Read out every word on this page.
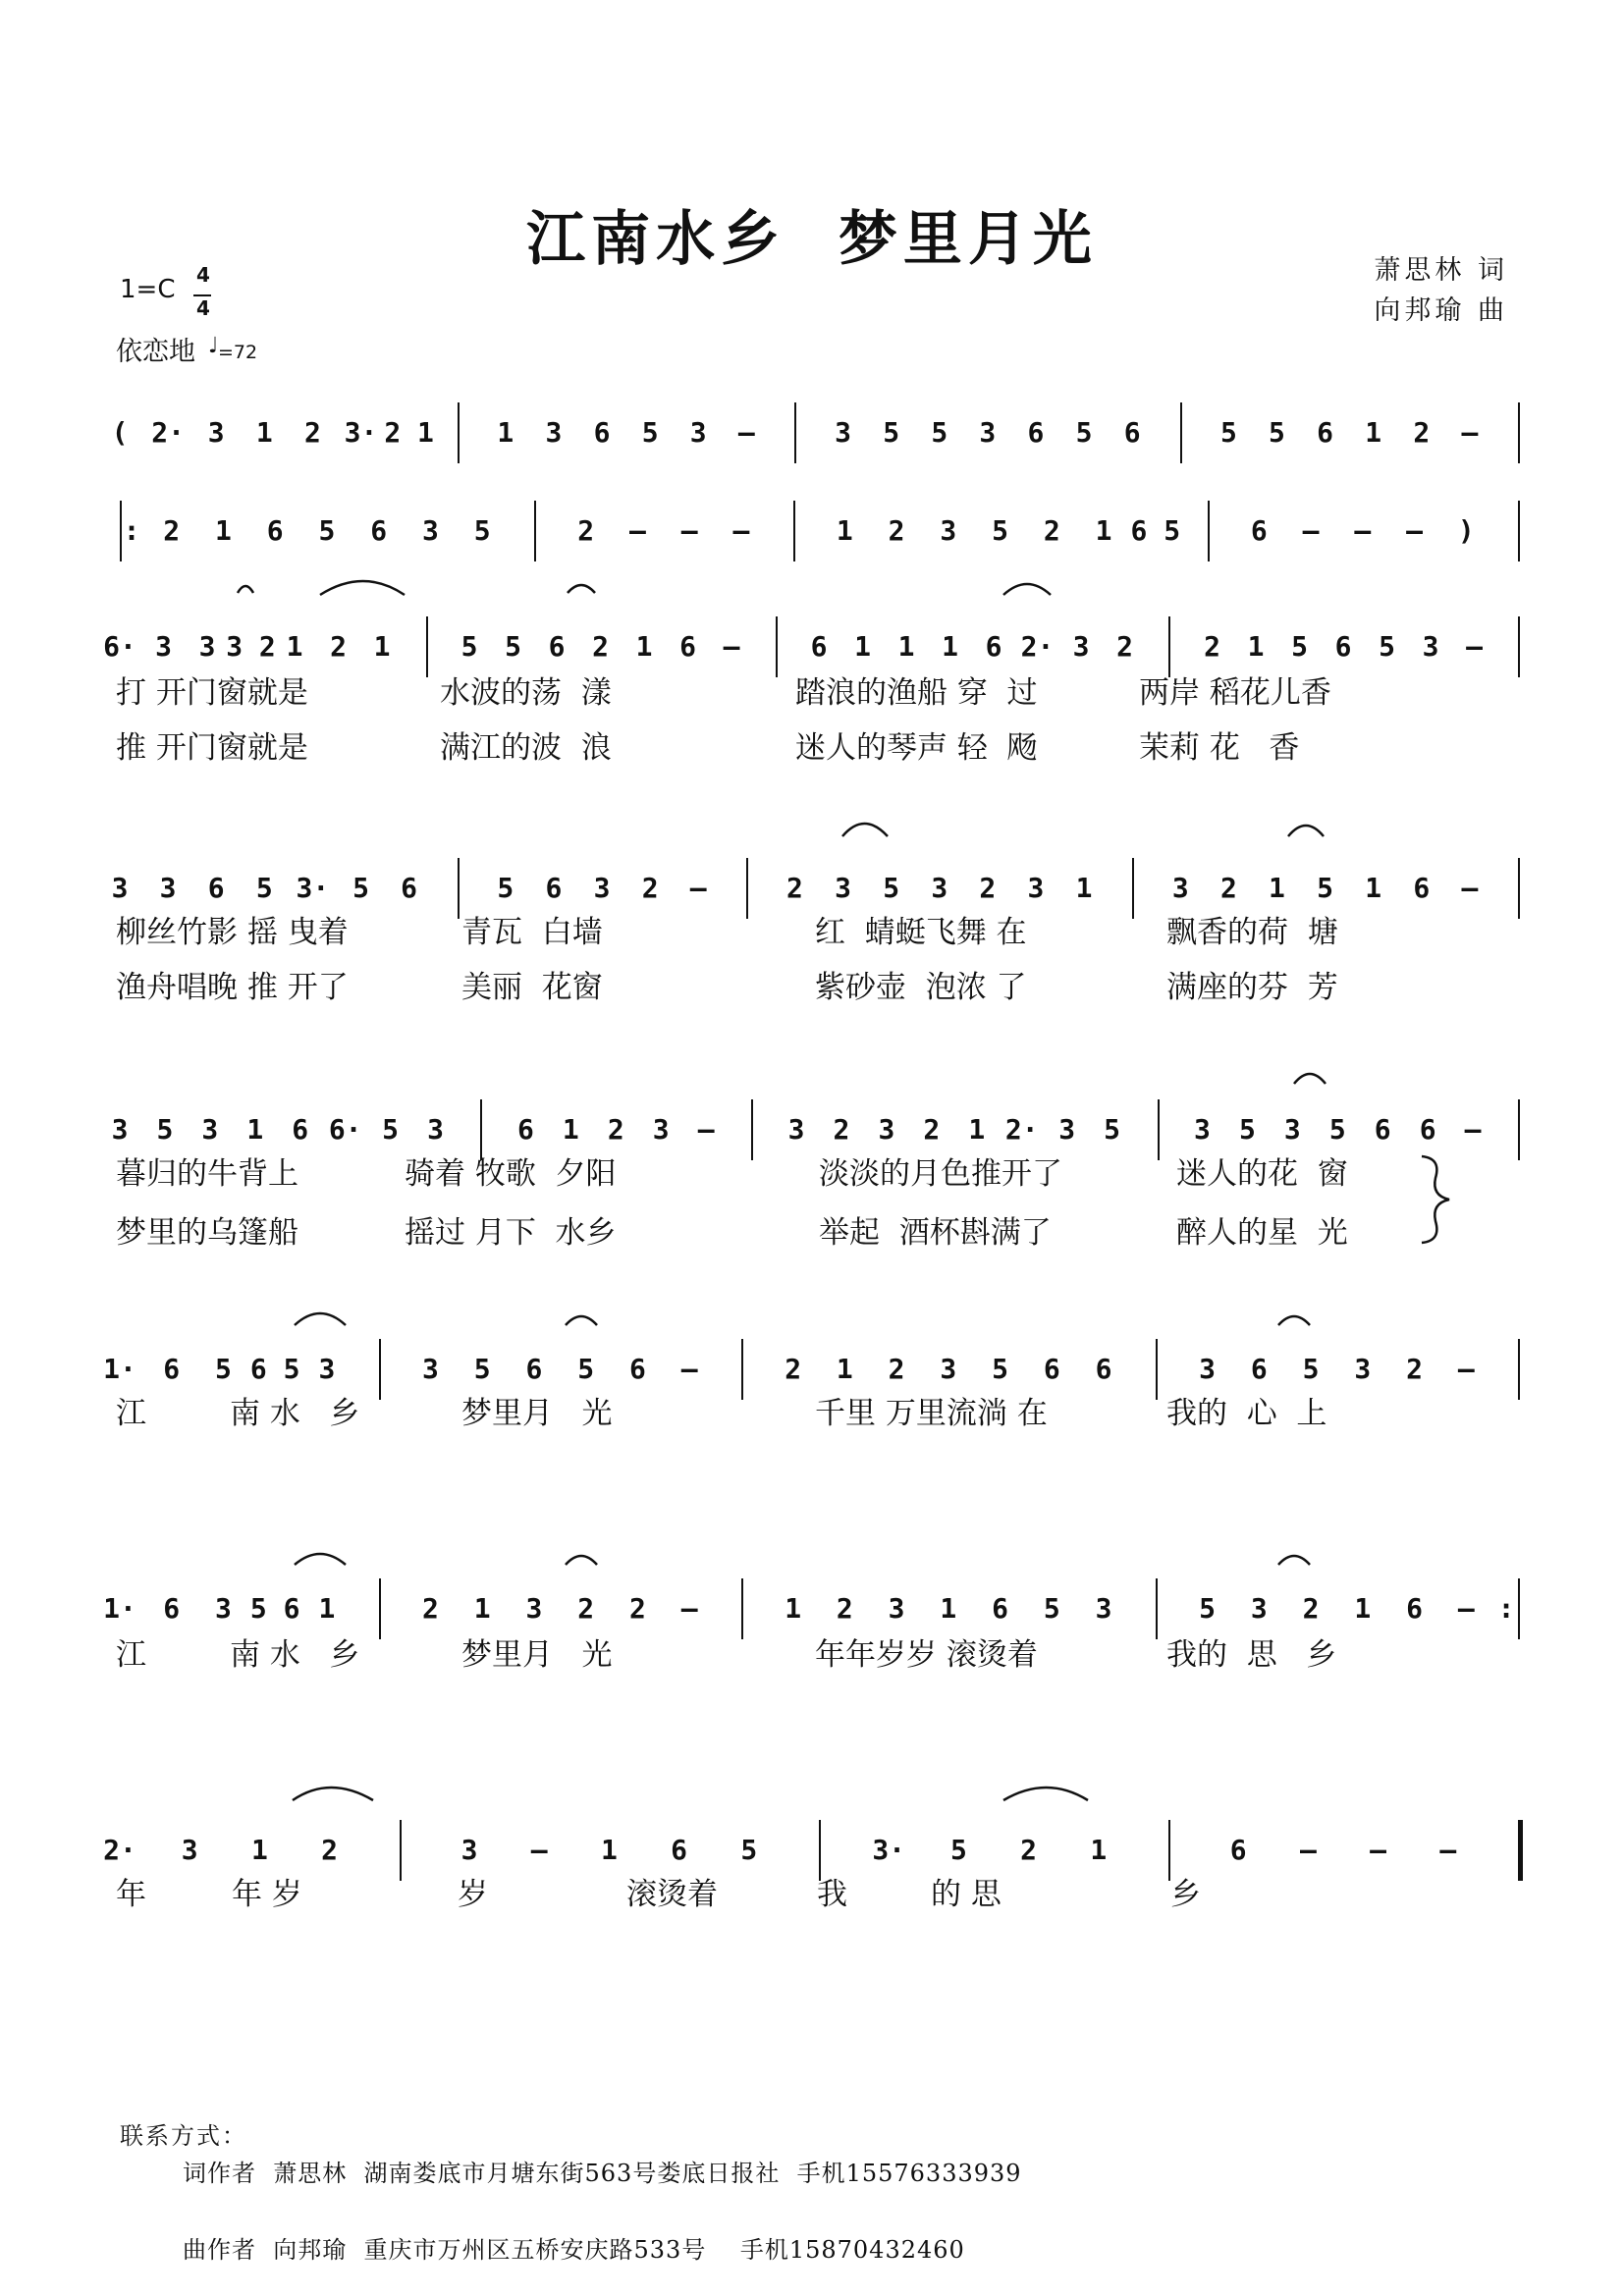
江南水乡  梦里月光	萧思林 词
向邦瑜 曲
1=C 4
4
依恋地 ♩ =72
( 2· 3 1 2 3· 2 1 1 3 6 5 3 –	3 5 5 3 6 5 6	5 5 6 1 2 –
: 2 1 6 5 6 3 5	2 – – –	1 2 3 5 2 1 6 5	6 – – – )
6· 3 3 3 2 1 2 1	5 5 6 2 1 6 –	6 1 1 1 6 2· 3 2	2 1 5 6 5 3 –
3 3 6 5 3· 5 6	5 6 3 2 –	2 3 5 3 2 3 1	3 2 1 5 1 6 –
3 5 3 1 6 6· 5 3	6 1 2 3 –	3 2 3 2 1 2· 3 5	3 5 3 5 6 6 –
1· 6 5 6 5 3	3 5 6 5 6 –	2 1 2 3 5 6 6	3 6 5 3 2 –
1· 6 3 5 6 1	2 1 3 2 2 –	1 2 3 1 6 5 3	5 3 2 1 6 – :
2· 3 1 2	3 – 1 6 5	3· 5 2 1	6 – – –
打 开门窗就是	水波的荡  漾	踏浪的渔船 穿  过	两岸 稻花儿香
推 开门窗就是	满江的波  浪	迷人的琴声 轻  飏	茉莉 花   香
柳丝竹影 摇 曳着	青瓦  白墙	红  蜻蜓飞舞 在	飘香的荷  塘
渔舟唱晚 推 开了	美丽  花窗	紫砂壶  泡浓 了	满座的芬  芳
暮归的牛背上	骑着 牧歌  夕阳	淡淡的月色推开了	迷人的花  窗
梦里的乌篷船	摇过 月下  水乡	举起  酒杯斟满了	醉人的星  光
江	南 水   乡	梦里月   光	千里 万里流淌 在	我的  心  上
江	南 水   乡	梦里月   光	年年岁岁 滚烫着	我的  思   乡
年	年 岁	岁	滚烫着	我	的 思	乡
联系方式：
词作者  萧思林  湖南娄底市月塘东街563号娄底日报社  手机15576333939
曲作者  向邦瑜  重庆市万州区五桥安庆路533号    手机15870432460
